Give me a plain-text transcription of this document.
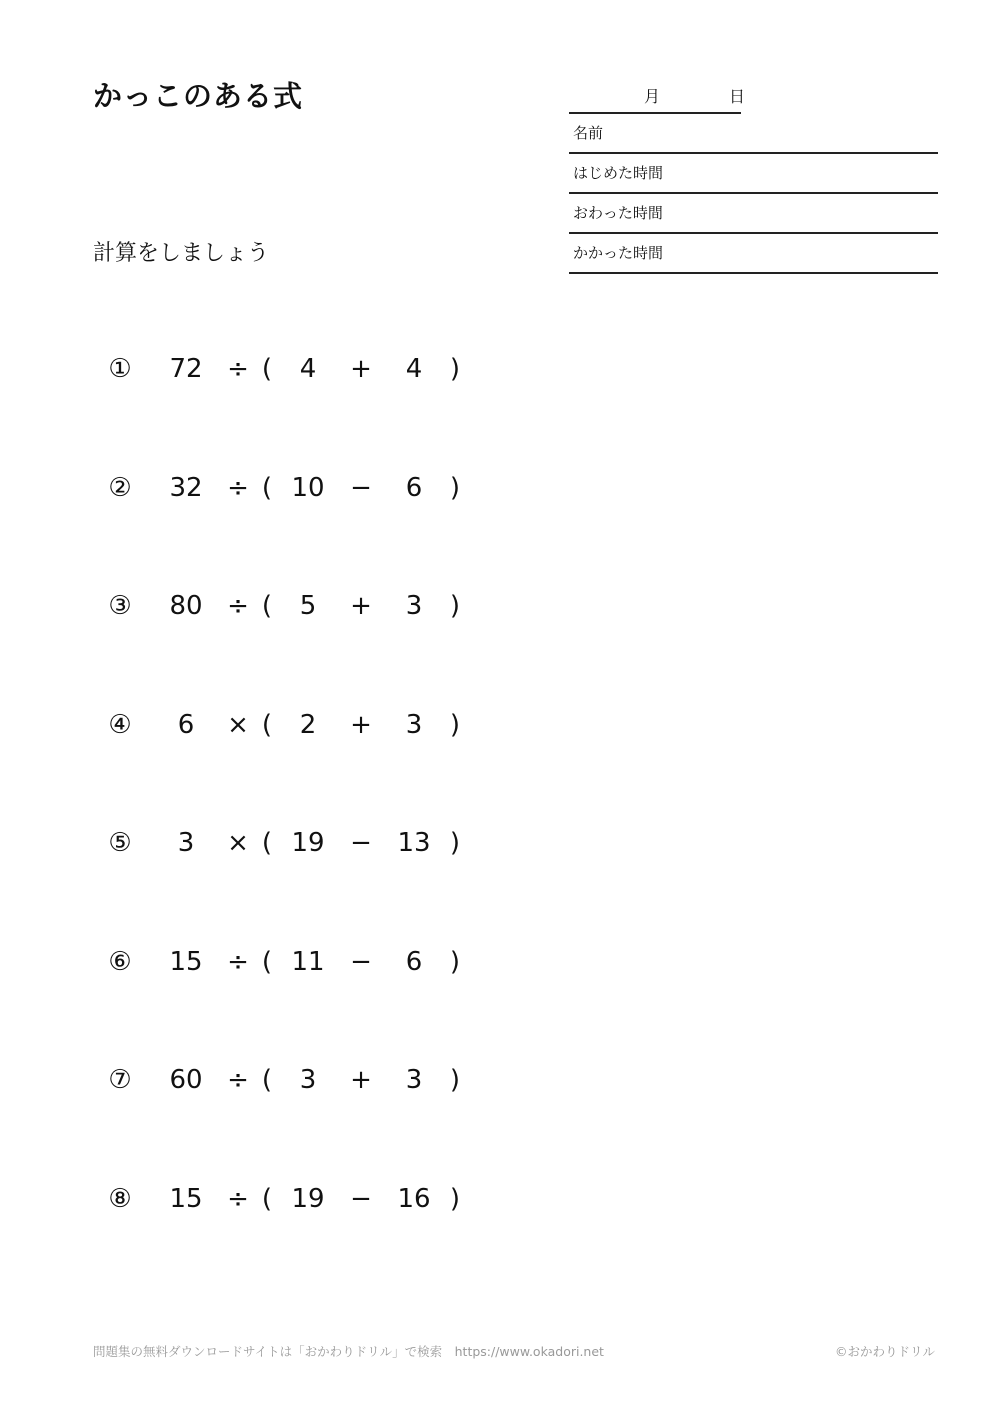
かっこのある式
計算をしましょう
月	日
名前
はじめた時間
おわった時間
かかった時間
① 72 ÷ ( 4 + 4 )
② 32 ÷ ( 10 − 6 )
③ 80 ÷ ( 5 + 3 )
④ 6 × ( 2 + 3 )
⑤ 3 × ( 19 − 13 )
⑥ 15 ÷ ( 11 − 6 )
⑦ 60 ÷ ( 3 + 3 )
⑧ 15 ÷ ( 19 − 16 )
問題集の無料ダウンロードサイトは「おかわりドリル」で検索　https://www.okadori.net	©おかわりドリル
